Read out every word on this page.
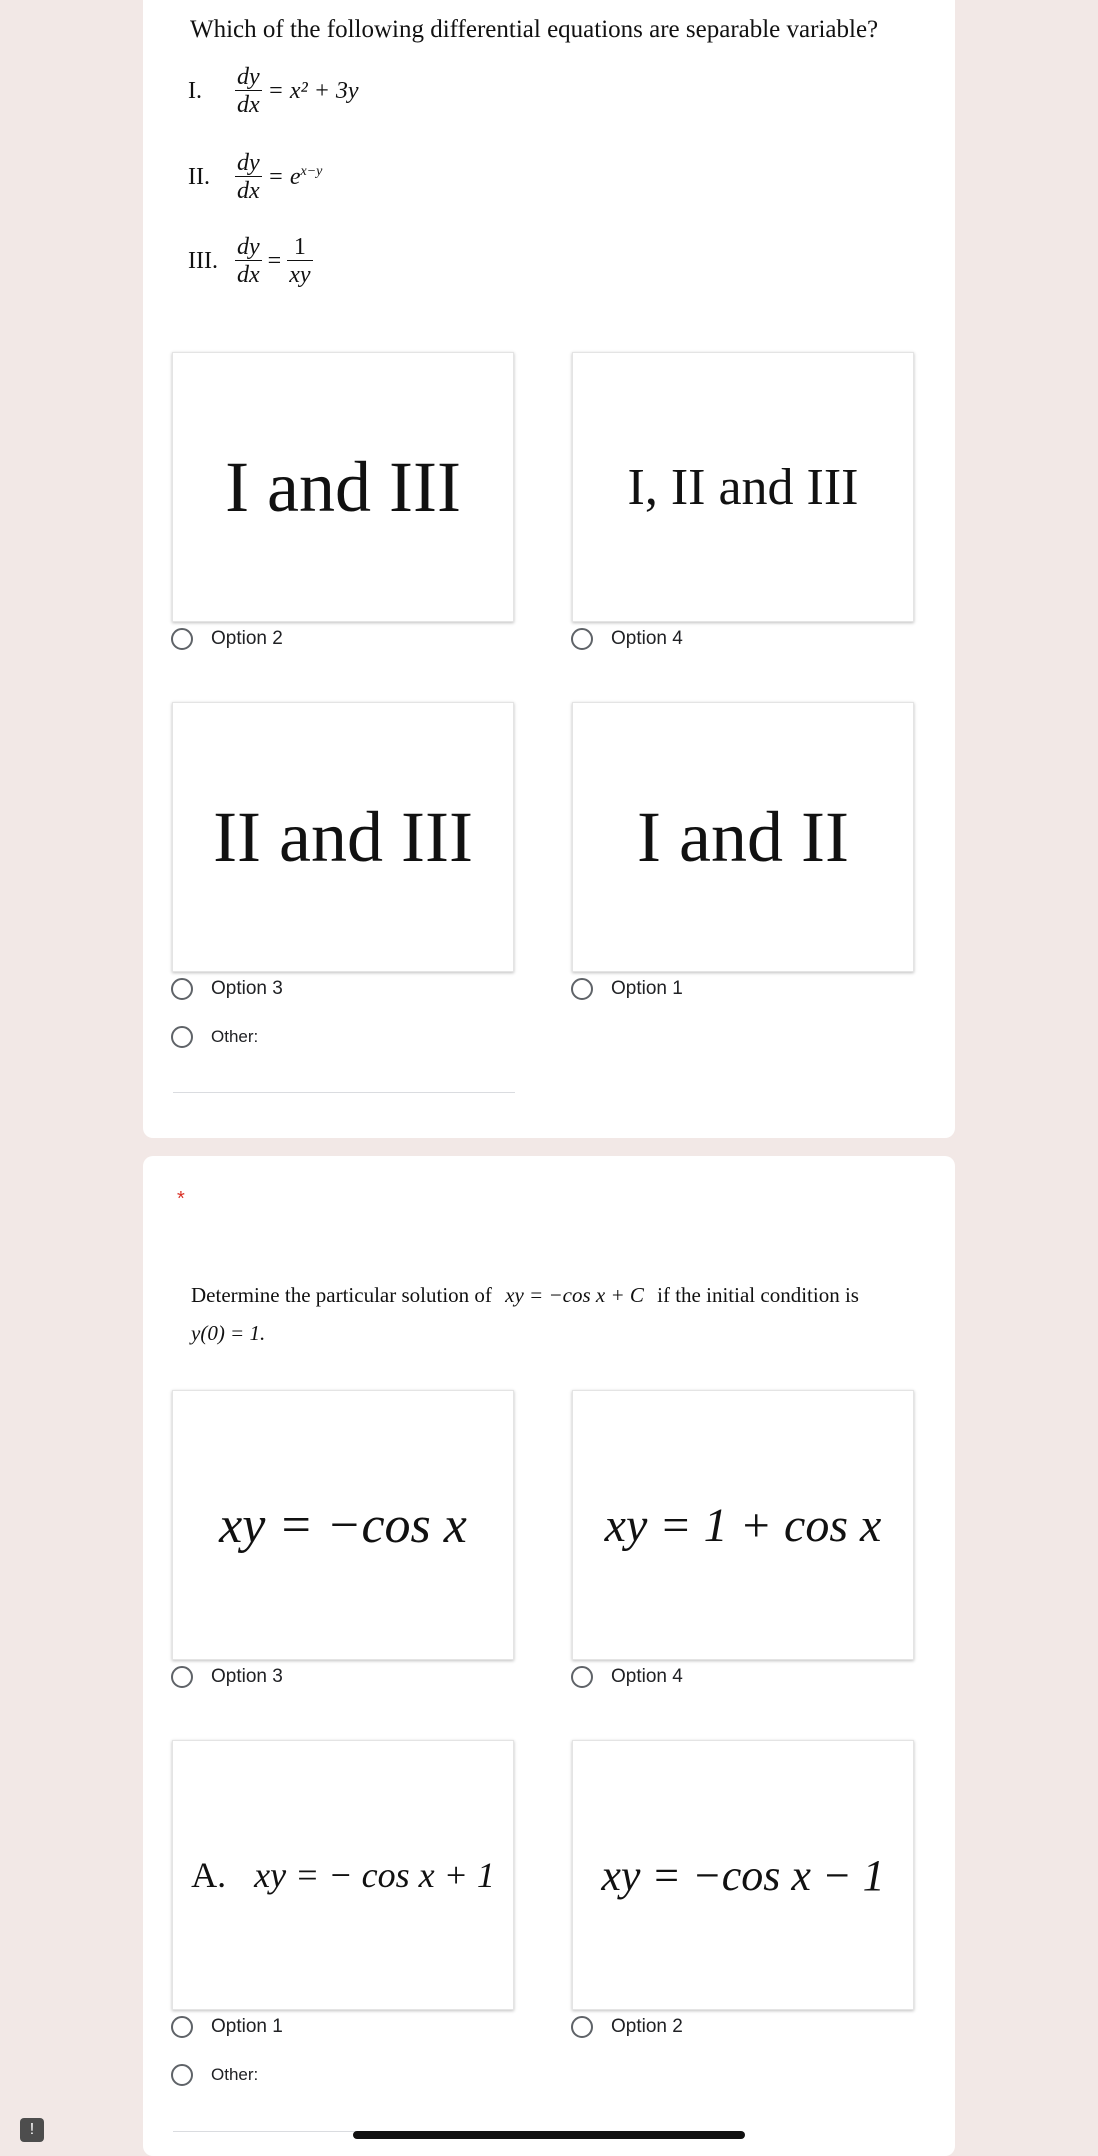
Which of the following differential equations are separable variable?
I.	$\frac{dy}{dx} = x^2 + 3y$
II.	$\frac{dy}{dx} = e$ x−y
III. $\frac{dy}{dx} = \frac{1}{xy}$
I and III	I, II and III
Option 2	Option 4
II and III I and II
Option 3	Option 1
Other:
*
Determine the particular solution of xy = −cos x + C if the initial condition is
y(0) = 1.
xy = −cos x	xy = 1 + cos x
Option 3	Option 4
A. xy = − cos x + 1 xy = −cos x − 1
Option 1	Option 2
Other:
!
